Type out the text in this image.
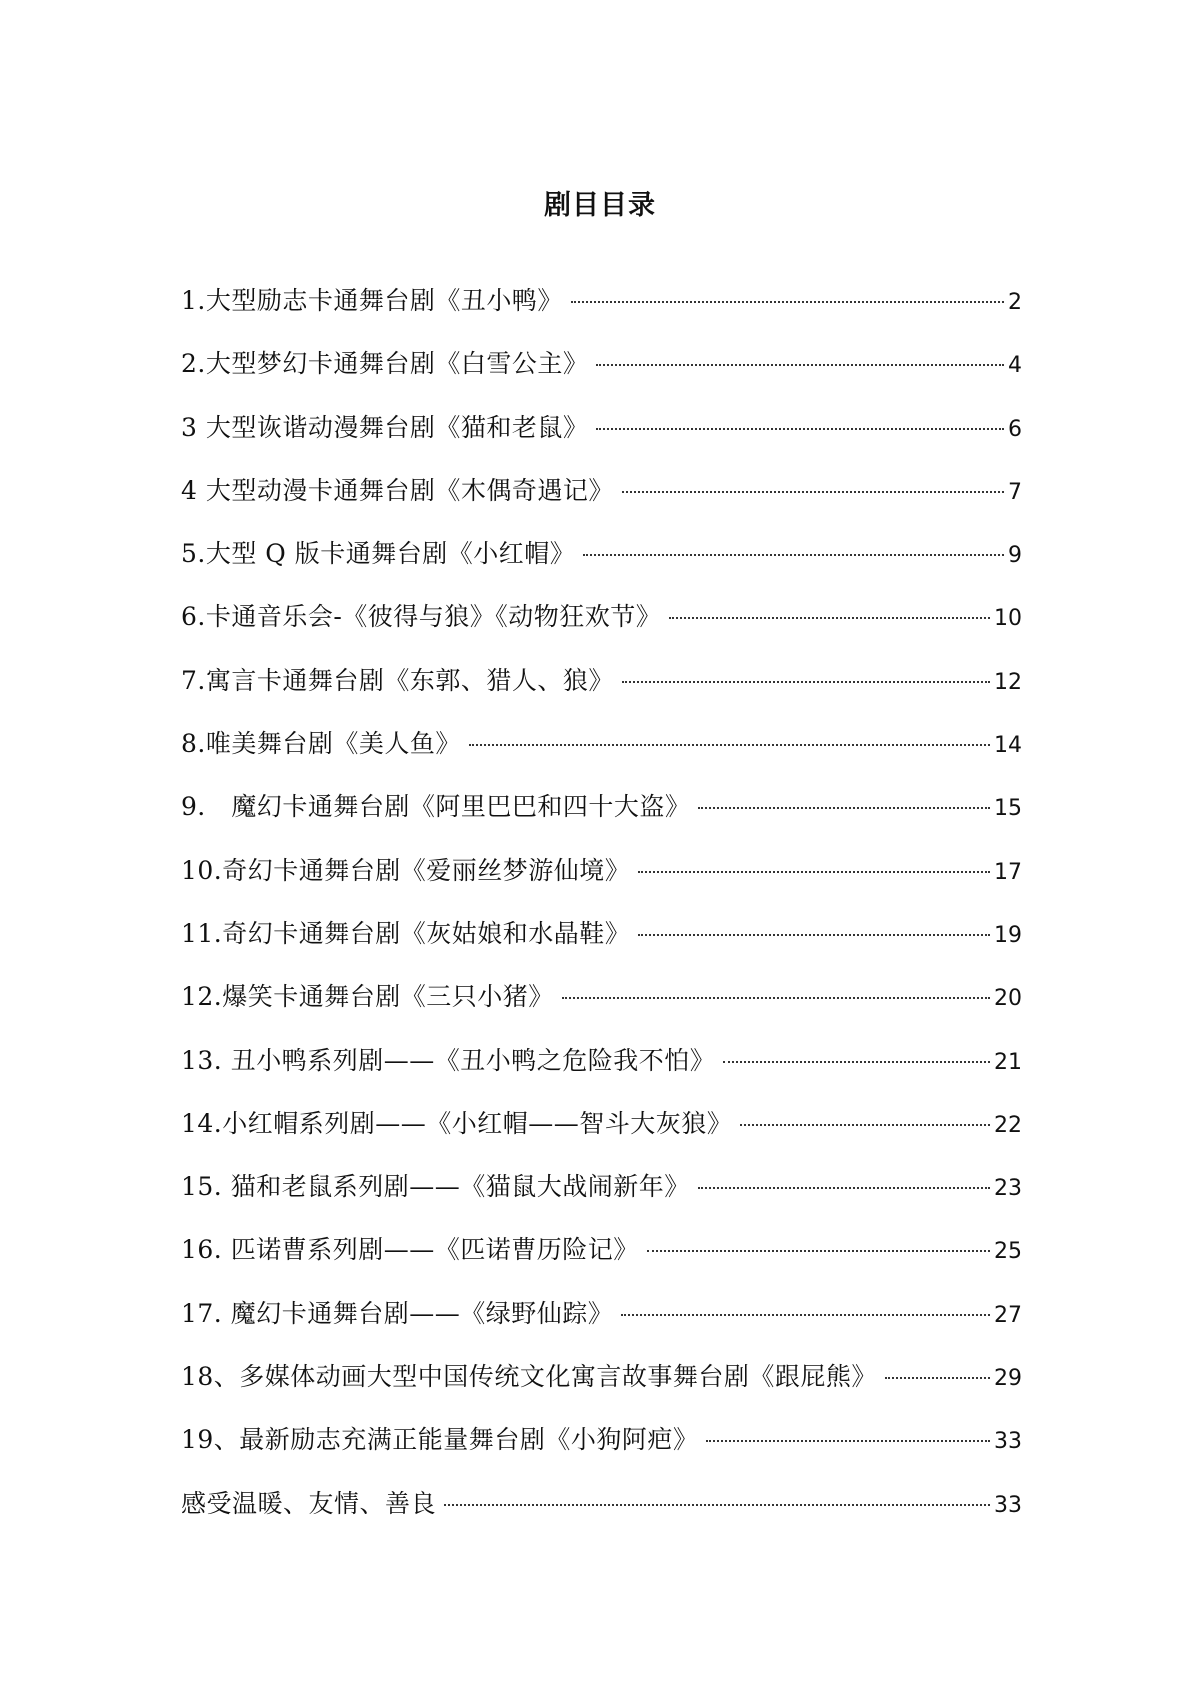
剧目目录
1.大型励志卡通舞台剧《丑小鸭》	2
2.大型梦幻卡通舞台剧《白雪公主》	4
3 大型诙谐动漫舞台剧《猫和老鼠》	6
4 大型动漫卡通舞台剧《木偶奇遇记》	7
5.大型 Q 版卡通舞台剧《小红帽》	9
6.卡通音乐会-《彼得与狼》《动物狂欢节》	10
7.寓言卡通舞台剧《东郭、猎人、狼》	12
8.唯美舞台剧《美人鱼》	14
9． 魔幻卡通舞台剧《阿里巴巴和四十大盗》	15
10.奇幻卡通舞台剧《爱丽丝梦游仙境》	17
11.奇幻卡通舞台剧《灰姑娘和水晶鞋》	19
12.爆笑卡通舞台剧《三只小猪》	20
13. 丑小鸭系列剧——《丑小鸭之危险我不怕》	21
14.小红帽系列剧——《小红帽——智斗大灰狼》	22
15. 猫和老鼠系列剧——《猫鼠大战闹新年》	23
16. 匹诺曹系列剧——《匹诺曹历险记》	25
17. 魔幻卡通舞台剧——《绿野仙踪》	27
18、多媒体动画大型中国传统文化寓言故事舞台剧《跟屁熊》	29
19、最新励志充满正能量舞台剧《小狗阿疤》	33
感受温暖、友情、善良	33
